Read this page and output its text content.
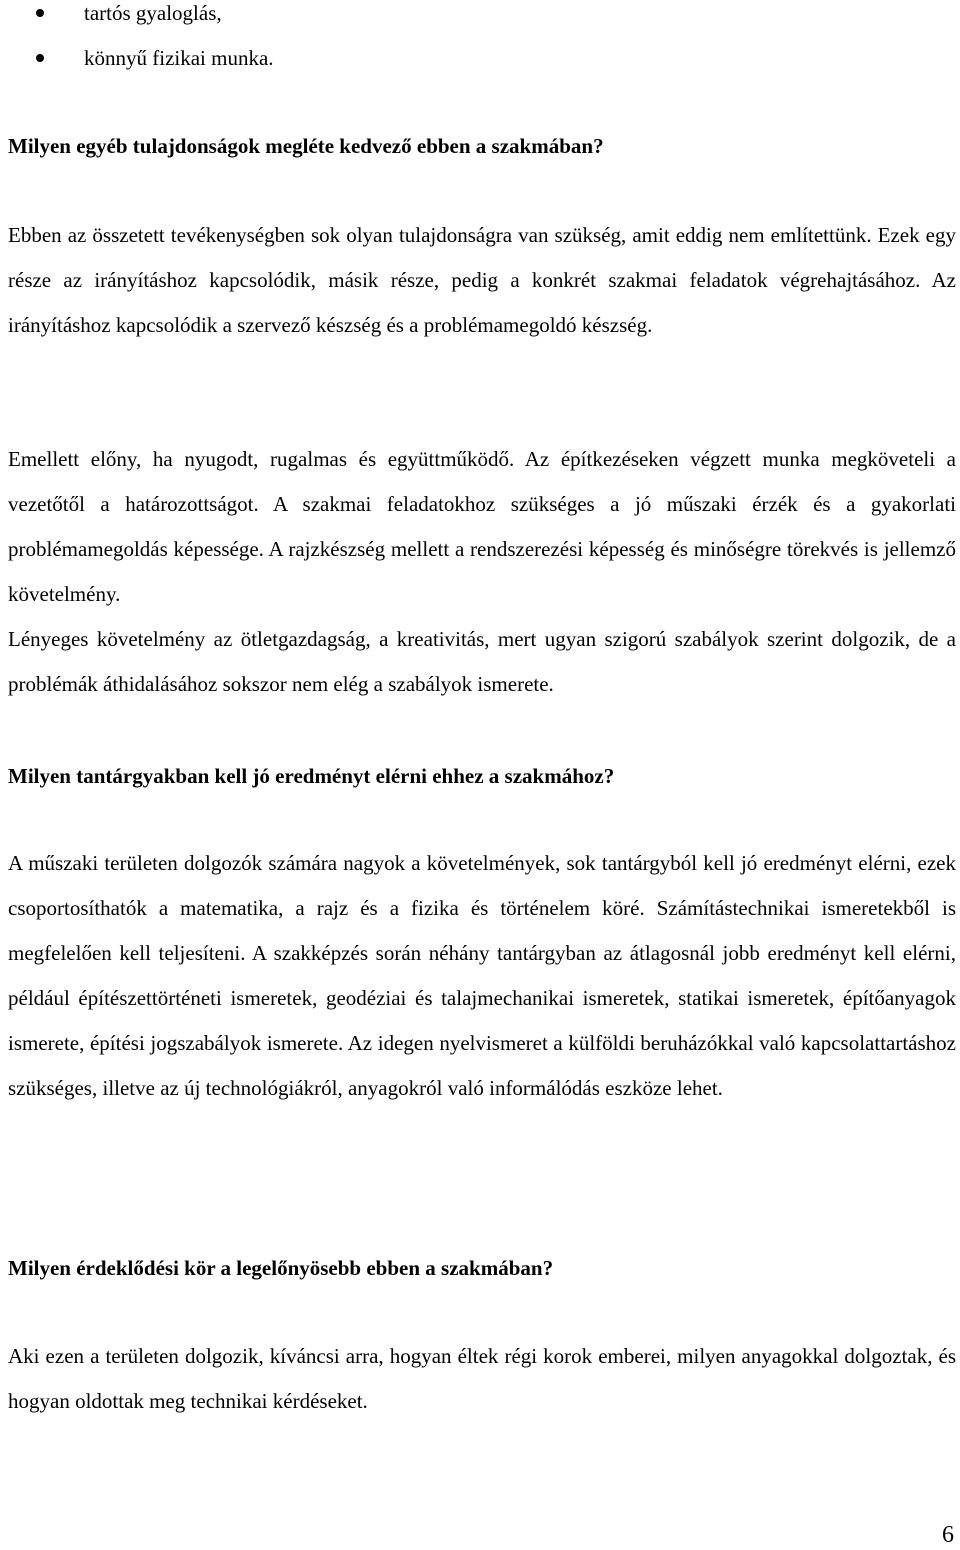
tartós gyaloglás,
könnyű fizikai munka.
Milyen egyéb tulajdonságok megléte kedvező ebben a szakmában?

Ebben az összetett tevékenységben sok olyan tulajdonságra van szükség, amit eddig nem említettünk. Ezek egy része az irányításhoz kapcsolódik, másik része, pedig a konkrét szakmai feladatok végrehajtásához. Az irányításhoz kapcsolódik a szervező készség és a problémamegoldó készség.

Emellett előny, ha nyugodt, rugalmas és együttműködő. Az építkezéseken végzett munka megköveteli a vezetőtől a határozottságot. A szakmai feladatokhoz szükséges a jó műszaki érzék és a gyakorlati problémamegoldás képessége. A rajzkészség mellett a rendszerezési képesség és minőségre törekvés is jellemző követelmény.

Lényeges követelmény az ötletgazdagság, a kreativitás, mert ugyan szigorú szabályok szerint dolgozik, de a problémák áthidalásához sokszor nem elég a szabályok ismerete.

Milyen tantárgyakban kell jó eredményt elérni ehhez a szakmához?

A műszaki területen dolgozók számára nagyok a követelmények, sok tantárgyból kell jó eredményt elérni, ezek csoportosíthatók a matematika, a rajz és a fizika és történelem köré. Számítástechnikai ismeretekből is megfelelően kell teljesíteni. A szakképzés során néhány tantárgyban az átlagosnál jobb eredményt kell elérni, például építészettörténeti ismeretek, geodéziai és talajmechanikai ismeretek, statikai ismeretek, építőanyagok ismerete, építési jogszabályok ismerete. Az idegen nyelvismeret a külföldi beruházókkal való kapcsolattartáshoz szükséges, illetve az új technológiákról, anyagokról való informálódás eszköze lehet.

Milyen érdeklődési kör a legelőnyösebb ebben a szakmában?

Aki ezen a területen dolgozik, kíváncsi arra, hogyan éltek régi korok emberei, milyen anyagokkal dolgoztak, és hogyan oldottak meg technikai kérdéseket.

6
